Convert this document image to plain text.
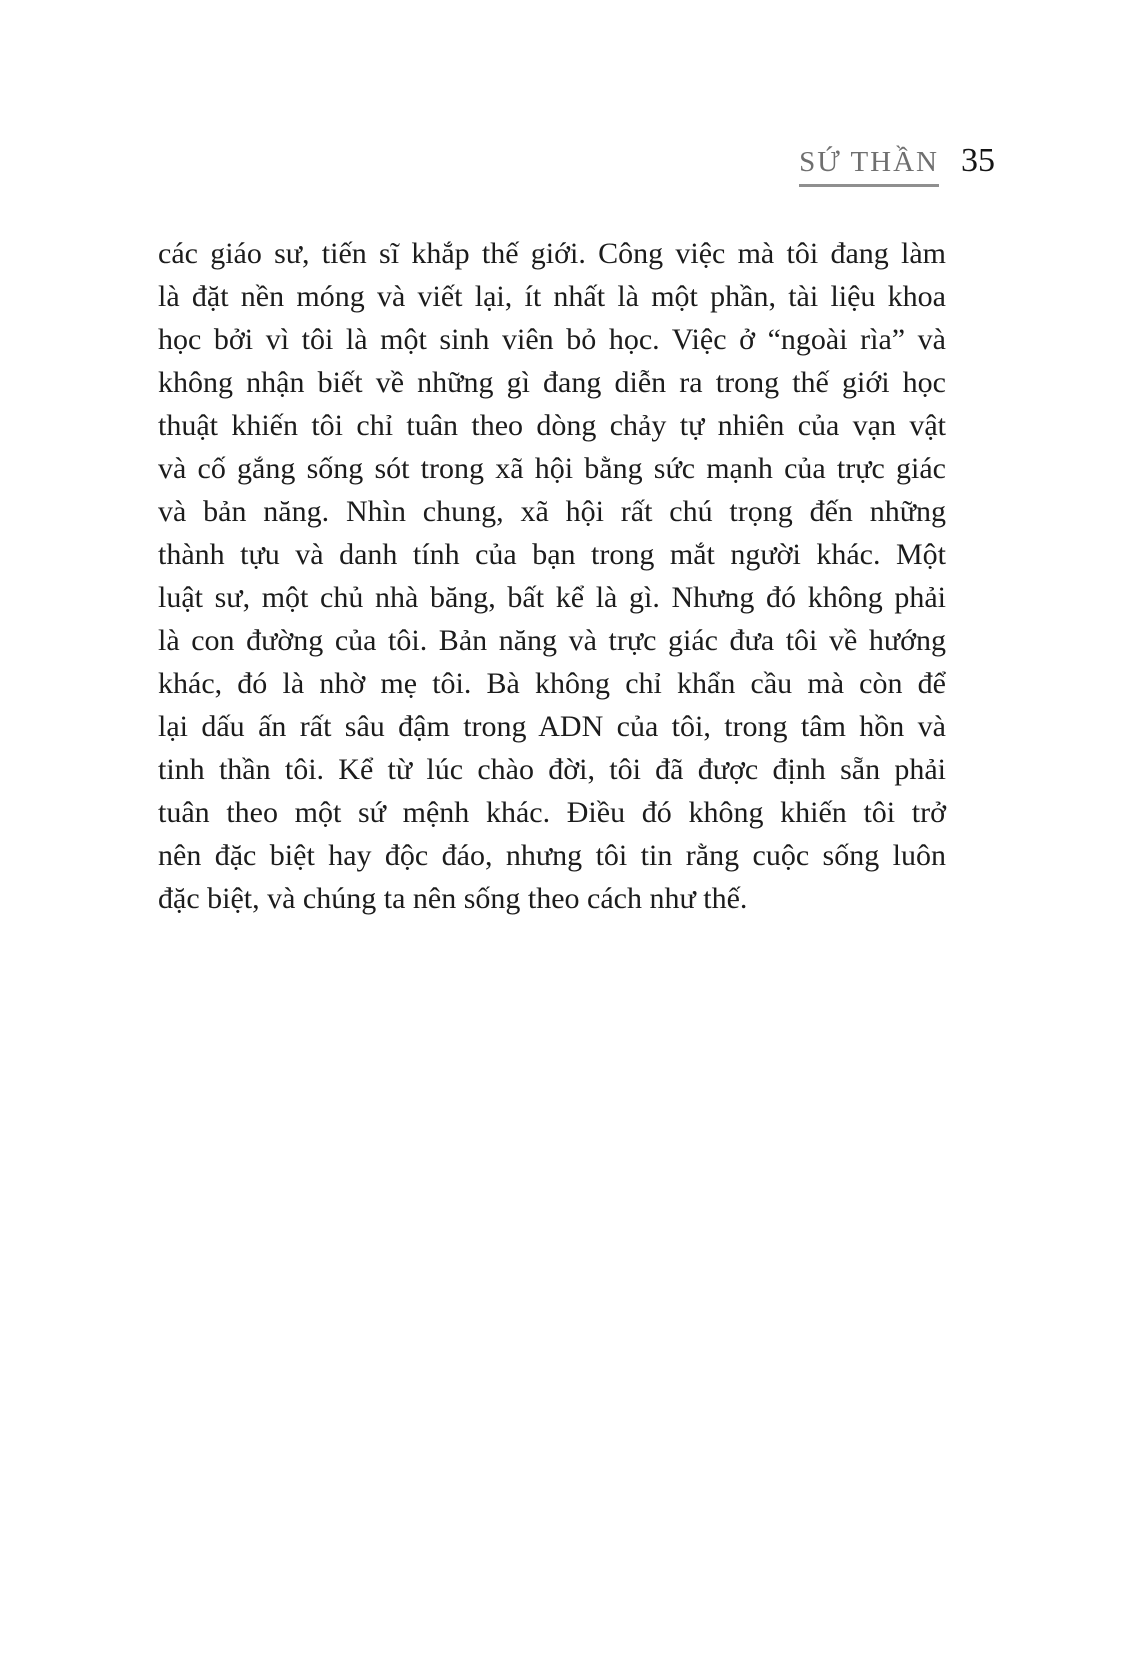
SỨ THẦN 35
các giáo sư, tiến sĩ khắp thế giới. Công việc mà tôi đang làm
là đặt nền móng và viết lại, ít nhất là một phần, tài liệu khoa
học bởi vì tôi là một sinh viên bỏ học. Việc ở “ngoài rìa” và
không nhận biết về những gì đang diễn ra trong thế giới học
thuật khiến tôi chỉ tuân theo dòng chảy tự nhiên của vạn vật
và cố gắng sống sót trong xã hội bằng sức mạnh của trực giác
và bản năng. Nhìn chung, xã hội rất chú trọng đến những
thành tựu và danh tính của bạn trong mắt người khác. Một
luật sư, một chủ nhà băng, bất kể là gì. Nhưng đó không phải
là con đường của tôi. Bản năng và trực giác đưa tôi về hướng
khác, đó là nhờ mẹ tôi. Bà không chỉ khẩn cầu mà còn để
lại dấu ấn rất sâu đậm trong ADN của tôi, trong tâm hồn và
tinh thần tôi. Kể từ lúc chào đời, tôi đã được định sẵn phải
tuân theo một sứ mệnh khác. Điều đó không khiến tôi trở
nên đặc biệt hay độc đáo, nhưng tôi tin rằng cuộc sống luôn
đặc biệt, và chúng ta nên sống theo cách như thế.
